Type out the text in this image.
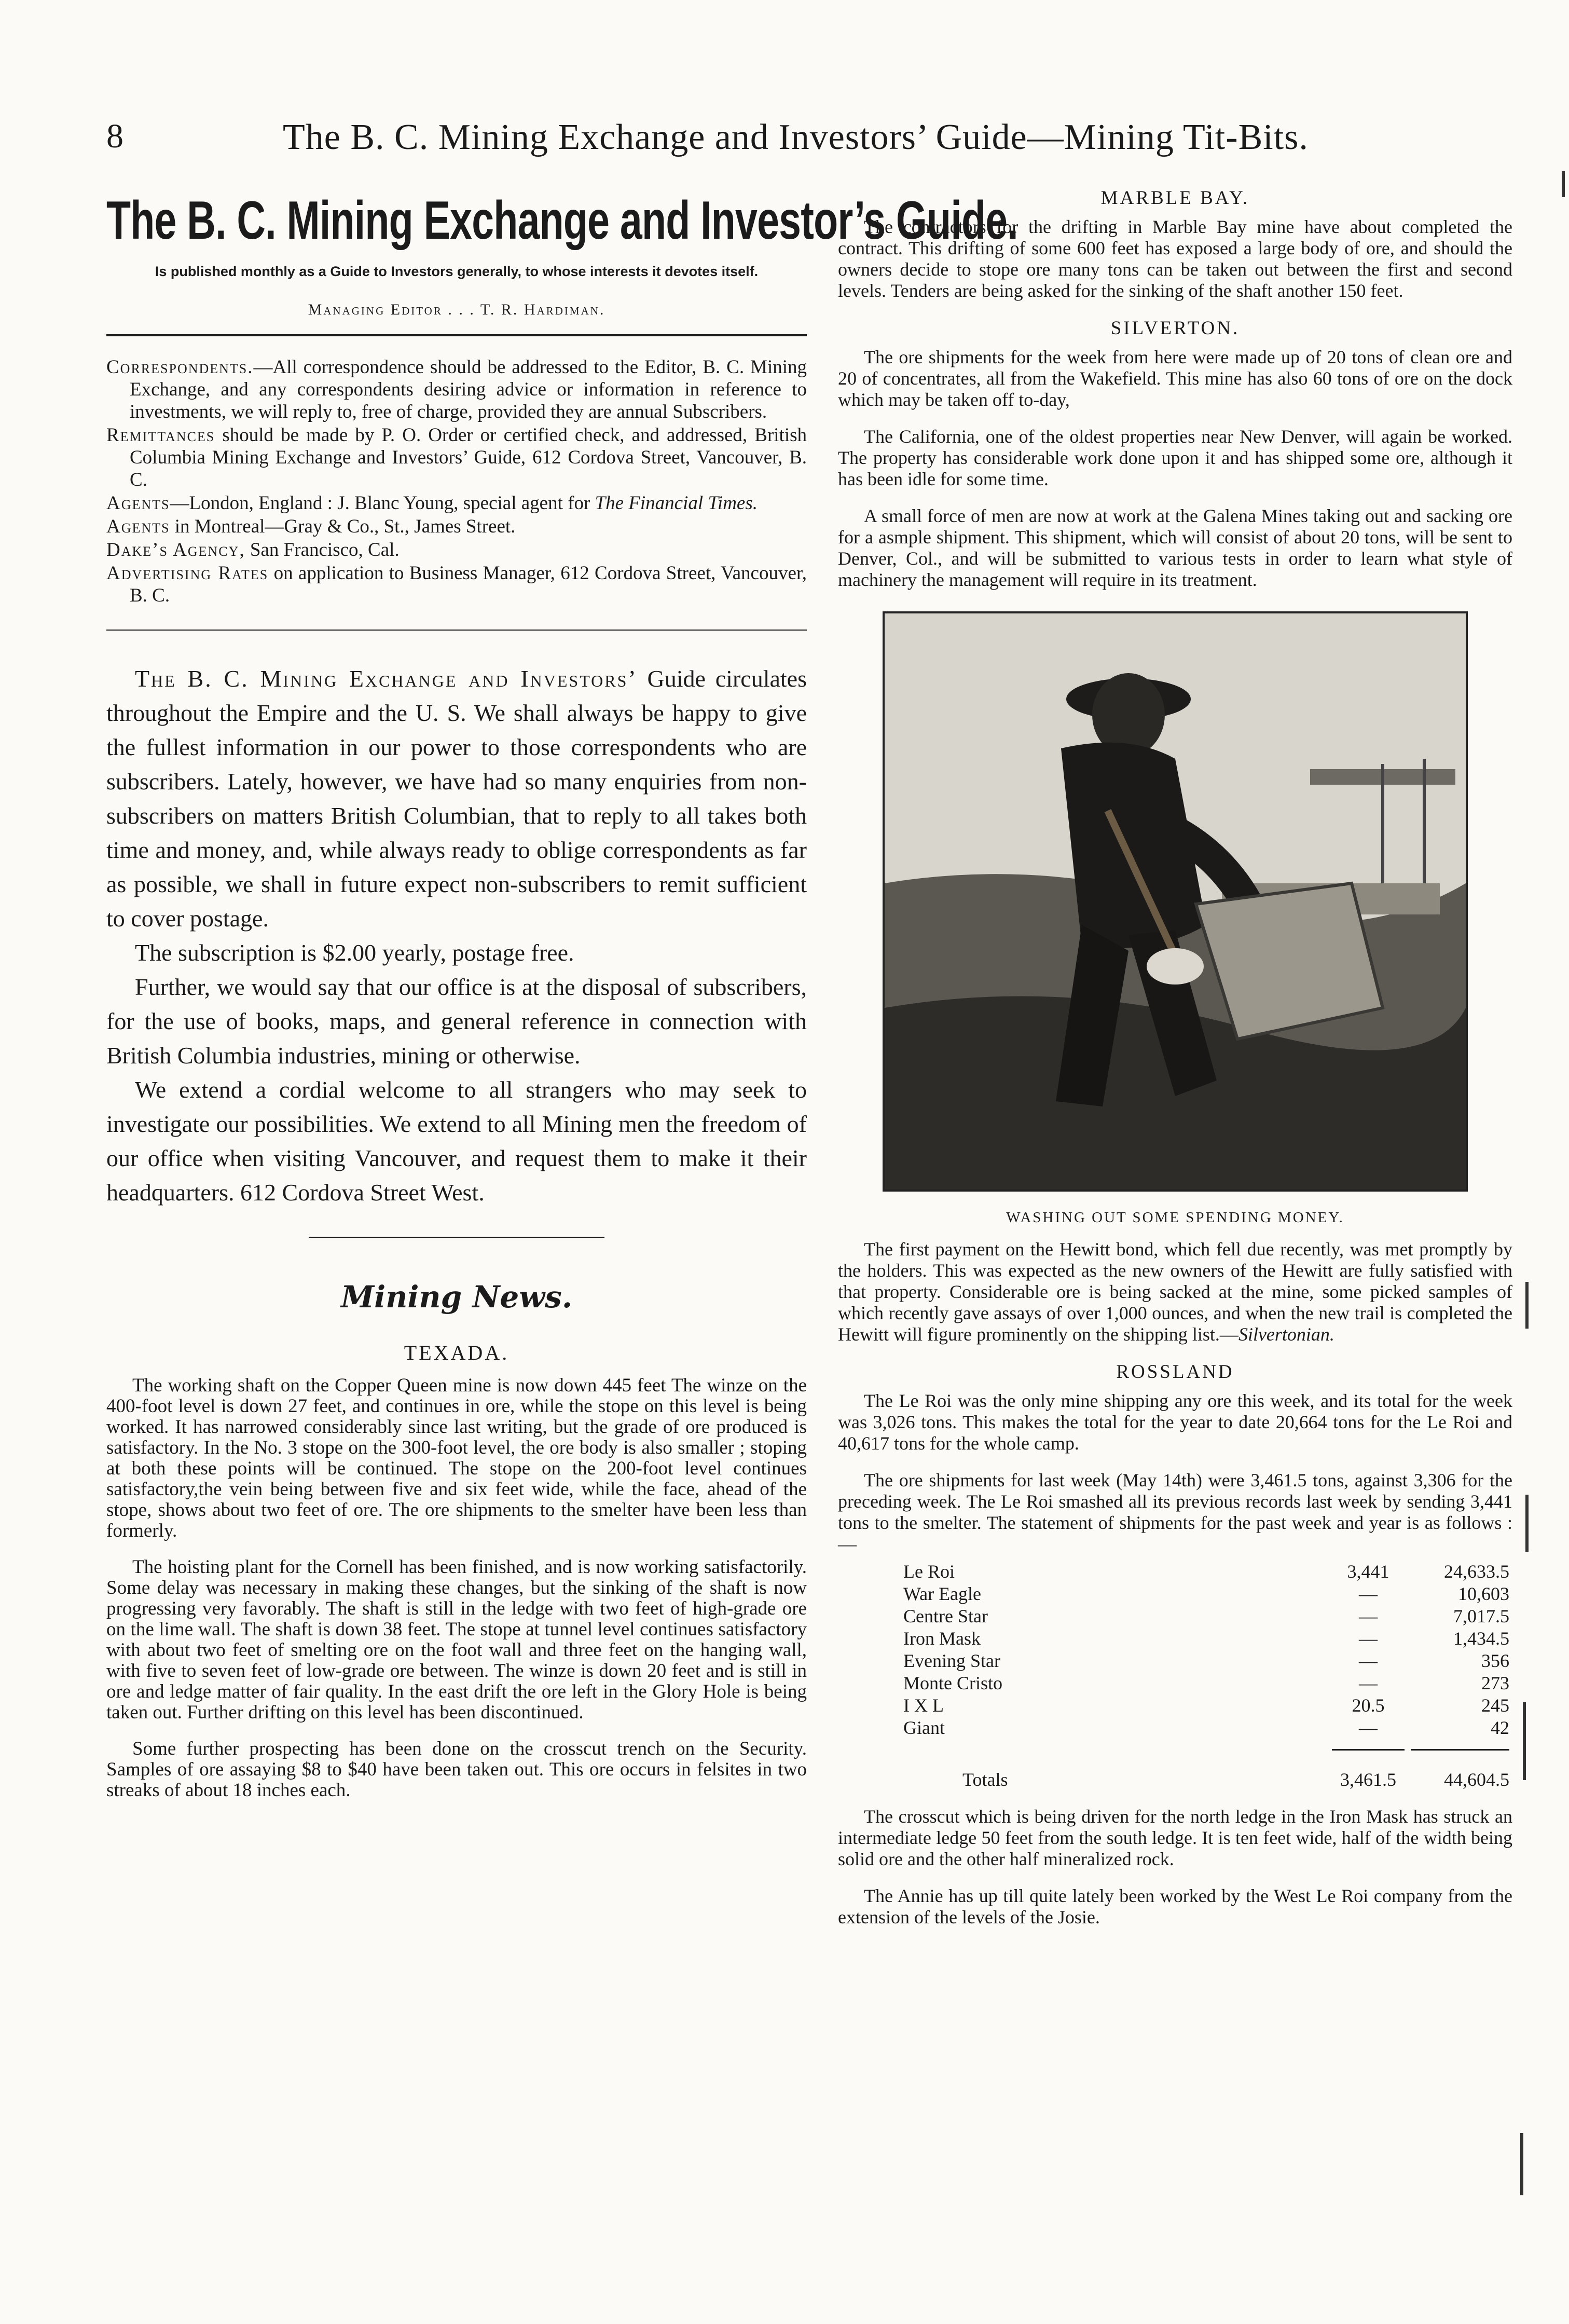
8	The B. C. Mining Exchange and Investors’ Guide—Mining Tit-Bits.
The B. C. Mining Exchange and Investor’s Guide.
Is published monthly as a Guide to Investors generally, to whose interests it devotes itself.
Managing Editor . . . T. R. Hardiman.

Correspondents.—All correspondence should be addressed to the Editor, B. C. Mining Exchange, and any correspondents desiring advice or information in reference to investments, we will reply to, free of charge, provided they are annual Subscribers.

Remittances should be made by P. O. Order or certified check, and addressed, British Columbia Mining Exchange and Investors’ Guide, 612 Cordova Street, Vancouver, B. C.

Agents—London, England : J. Blanc Young, special agent for The Financial Times.

Agents in Montreal—Gray & Co., St., James Street.

Dake’s Agency, San Francisco, Cal.

Advertising Rates on application to Business Manager, 612 Cordova Street, Vancouver, B. C.

The B. C. Mining Exchange and Investors’ Guide circulates throughout the Empire and the U. S. We shall always be happy to give the fullest information in our power to those correspondents who are subscribers. Lately, however, we have had so many enquiries from non-subscribers on matters British Columbian, that to reply to all takes both time and money, and, while always ready to oblige correspondents as far as possible, we shall in future expect non-subscribers to remit sufficient to cover postage.

The subscription is $2.00 yearly, postage free.

Further, we would say that our office is at the disposal of subscribers, for the use of books, maps, and general reference in connection with British Columbia industries, mining or otherwise.

We extend a cordial welcome to all strangers who may seek to investigate our possibilities. We extend to all Mining men the freedom of our office when visiting Vancouver, and request them to make it their headquarters. 612 Cordova Street West.

Mining News.
TEXADA.

The working shaft on the Copper Queen mine is now down 445 feet The winze on the 400-foot level is down 27 feet, and continues in ore, while the stope on this level is being worked. It has narrowed considerably since last writing, but the grade of ore produced is satisfactory. In the No. 3 stope on the 300-foot level, the ore body is also smaller ; stoping at both these points will be continued. The stope on the 200-foot level continues satisfactory,the vein being between five and six feet wide, while the face, ahead of the stope, shows about two feet of ore. The ore shipments to the smelter have been less than formerly.

The hoisting plant for the Cornell has been finished, and is now working satisfactorily. Some delay was necessary in making these changes, but the sinking of the shaft is now progressing very favorably. The shaft is still in the ledge with two feet of high-grade ore on the lime wall. The shaft is down 38 feet. The stope at tunnel level continues satisfactory with about two feet of smelting ore on the foot wall and three feet on the hanging wall, with five to seven feet of low-grade ore between. The winze is down 20 feet and is still in ore and ledge matter of fair quality. In the east drift the ore left in the Glory Hole is being taken out. Further drifting on this level has been discontinued.

Some further prospecting has been done on the crosscut trench on the Security. Samples of ore assaying $8 to $40 have been taken out. This ore occurs in felsites in two streaks of about 18 inches each.

MARBLE BAY.

The contractors for the drifting in Marble Bay mine have about completed the contract. This drifting of some 600 feet has exposed a large body of ore, and should the owners decide to stope ore many tons can be taken out between the first and second levels. Tenders are being asked for the sinking of the shaft another 150 feet.

SILVERTON.

The ore shipments for the week from here were made up of 20 tons of clean ore and 20 of concentrates, all from the Wakefield. This mine has also 60 tons of ore on the dock which may be taken off to-day,

The California, one of the oldest properties near New Denver, will again be worked. The property has considerable work done upon it and has shipped some ore, although it has been idle for some time.

A small force of men are now at work at the Galena Mines taking out and sacking ore for a asmple shipment. This shipment, which will consist of about 20 tons, will be sent to Denver, Col., and will be submitted to various tests in order to learn what style of machinery the management will require in its treatment.

WASHING OUT SOME SPENDING MONEY.

The first payment on the Hewitt bond, which fell due recently, was met promptly by the holders. This was expected as the new owners of the Hewitt are fully satisfied with that property. Considerable ore is being sacked at the mine, some picked samples of which recently gave assays of over 1,000 ounces, and when the new trail is completed the Hewitt will figure prominently on the shipping list.—Silvertonian.

ROSSLAND

The Le Roi was the only mine shipping any ore this week, and its total for the week was 3,026 tons. This makes the total for the year to date 20,664 tons for the Le Roi and 40,617 tons for the whole camp.

The ore shipments for last week (May 14th) were 3,461.5 tons, against 3,306 for the preceding week. The Le Roi smashed all its previous records last week by sending 3,441 tons to the smelter. The statement of shipments for the past week and year is as follows :—

Le Roi	3,441	24,633.5
War Eagle	—	10,603
Centre Star	—	7,017.5
Iron Mask	—	1,434.5
Evening Star	—	356
Monte Cristo	—	273
I X L	20.5	245
Giant	—	42

Totals	3,461.5	44,604.5

The crosscut which is being driven for the north ledge in the Iron Mask has struck an intermediate ledge 50 feet from the south ledge. It is ten feet wide, half of the width being solid ore and the other half mineralized rock.

The Annie has up till quite lately been worked by the West Le Roi company from the extension of the levels of the Josie.
